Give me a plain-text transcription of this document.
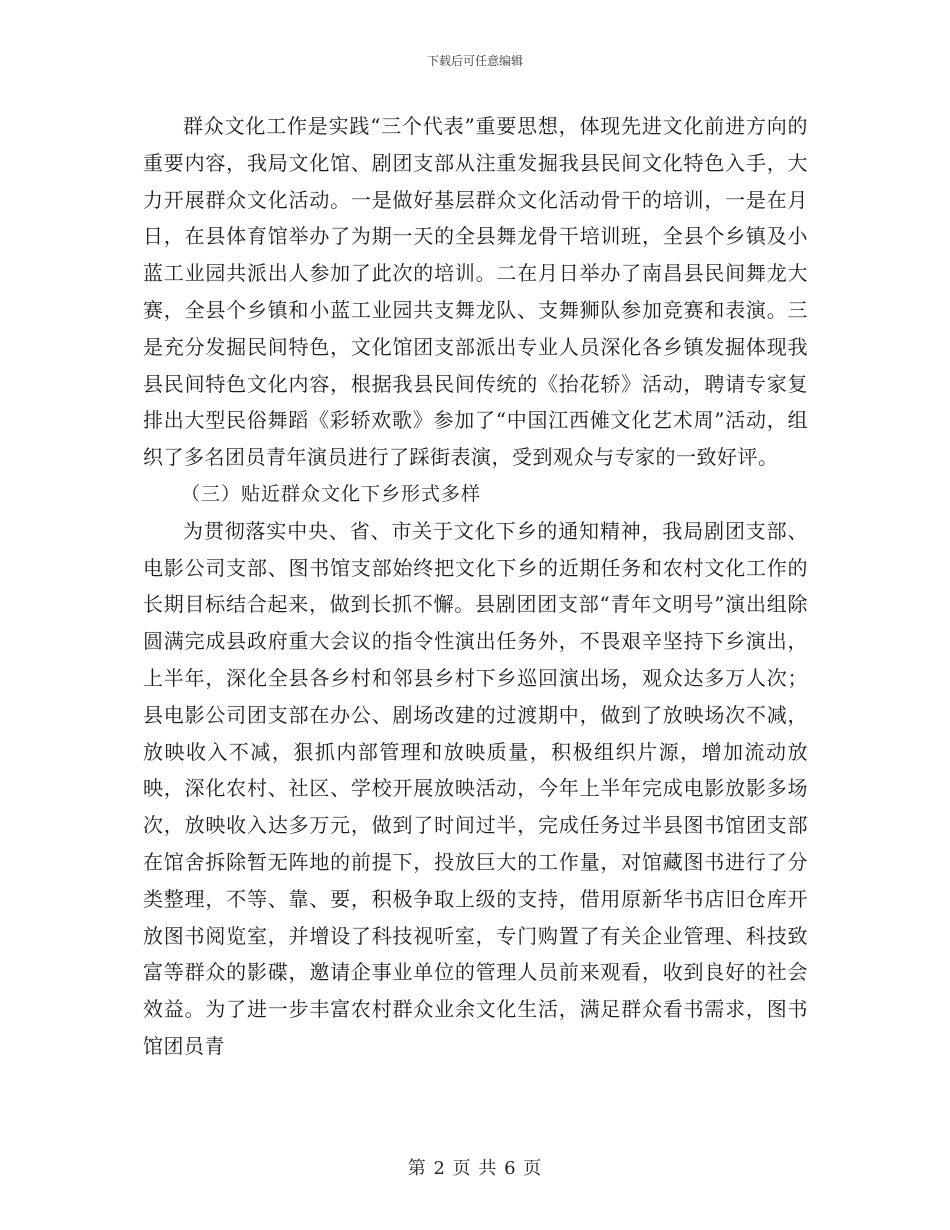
下载后可任意编辑

群众文化工作是实践“三个代表”重要思想，体现先进文化前进方向的重要内容，我局文化馆、剧团支部从注重发掘我县民间文化特色入手，大力开展群众文化活动。一是做好基层群众文化活动骨干的培训，一是在月日，在县体育馆举办了为期一天的全县舞龙骨干培训班，全县个乡镇及小蓝工业园共派出人参加了此次的培训。二在月日举办了南昌县民间舞龙大赛，全县个乡镇和小蓝工业园共支舞龙队、支舞狮队参加竞赛和表演。三是充分发掘民间特色，文化馆团支部派出专业人员深化各乡镇发掘体现我县民间特色文化内容，根据我县民间传统的《抬花轿》活动，聘请专家复排出大型民俗舞蹈《彩轿欢歌》参加了“中国江西傩文化艺术周”活动，组织了多名团员青年演员进行了踩街表演，受到观众与专家的一致好评。

（三）贴近群众文化下乡形式多样

为贯彻落实中央、省、市关于文化下乡的通知精神，我局剧团支部、电影公司支部、图书馆支部始终把文化下乡的近期任务和农村文化工作的长期目标结合起来，做到长抓不懈。县剧团团支部“青年文明号”演出组除圆满完成县政府重大会议的指令性演出任务外，不畏艰辛坚持下乡演出，上半年，深化全县各乡村和邻县乡村下乡巡回演出场，观众达多万人次；县电影公司团支部在办公、剧场改建的过渡期中，做到了放映场次不减，放映收入不减，狠抓内部管理和放映质量，积极组织片源，增加流动放映，深化农村、社区、学校开展放映活动，今年上半年完成电影放影多场次，放映收入达多万元，做到了时间过半，完成任务过半县图书馆团支部在馆舍拆除暂无阵地的前提下，投放巨大的工作量，对馆藏图书进行了分类整理，不等、靠、要，积极争取上级的支持，借用原新华书店旧仓库开放图书阅览室，并增设了科技视听室，专门购置了有关企业管理、科技致富等群众的影碟，邀请企事业单位的管理人员前来观看，收到良好的社会效益。为了进一步丰富农村群众业余文化生活，满足群众看书需求，图书馆团员青

第 2 页 共 6 页
